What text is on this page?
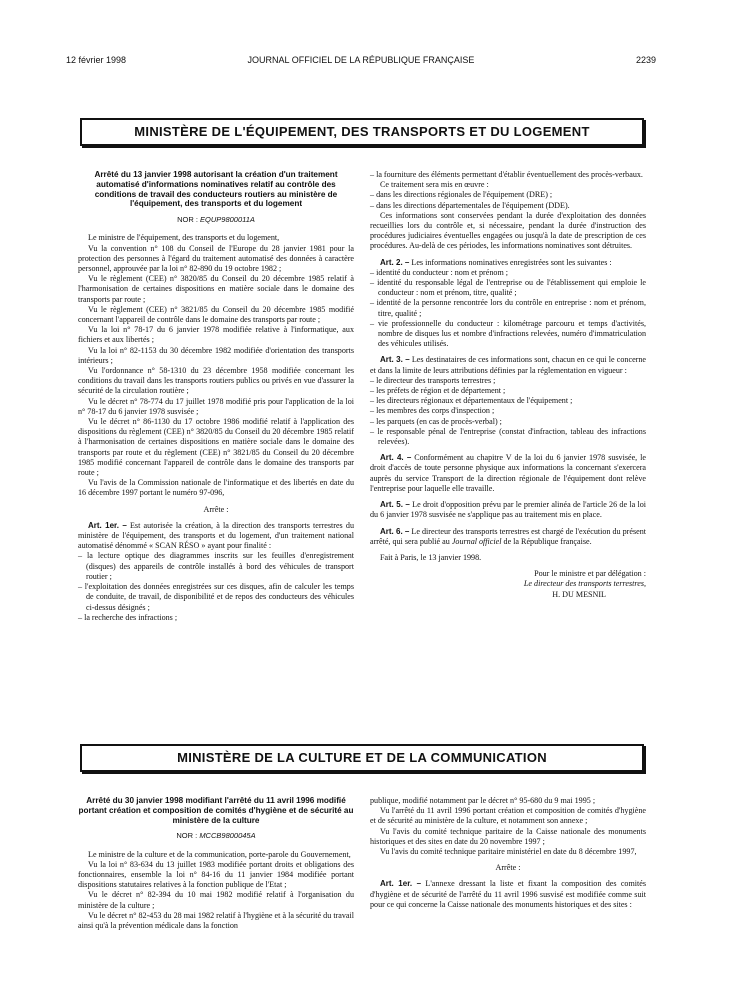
12 février 1998	JOURNAL OFFICIEL DE LA RÉPUBLIQUE FRANÇAISE	2239
MINISTÈRE DE L'ÉQUIPEMENT, DES TRANSPORTS ET DU LOGEMENT
Arrêté du 13 janvier 1998 autorisant la création d'un traitement automatisé d'informations nominatives relatif au contrôle des conditions de travail des conducteurs routiers au ministère de l'équipement, des transports et du logement
NOR : EQUP9800011A

Le ministre de l'équipement, des transports et du logement,

Vu la convention n° 108 du Conseil de l'Europe du 28 janvier 1981 pour la protection des personnes à l'égard du traitement automatisé des données à caractère personnel, approuvée par la loi n° 82-890 du 19 octobre 1982 ;

Vu le règlement (CEE) n° 3820/85 du Conseil du 20 décembre 1985 relatif à l'harmonisation de certaines dispositions en matière sociale dans le domaine des transports par route ;

Vu le règlement (CEE) n° 3821/85 du Conseil du 20 décembre 1985 modifié concernant l'appareil de contrôle dans le domaine des transports par route ;

Vu la loi n° 78-17 du 6 janvier 1978 modifiée relative à l'informatique, aux fichiers et aux libertés ;

Vu la loi n° 82-1153 du 30 décembre 1982 modifiée d'orientation des transports intérieurs ;

Vu l'ordonnance n° 58-1310 du 23 décembre 1958 modifiée concernant les conditions du travail dans les transports routiers publics ou privés en vue d'assurer la sécurité de la circulation routière ;

Vu le décret n° 78-774 du 17 juillet 1978 modifié pris pour l'application de la loi n° 78-17 du 6 janvier 1978 susvisée ;

Vu le décret n° 86-1130 du 17 octobre 1986 modifié relatif à l'application des dispositions du règlement (CEE) n° 3820/85 du Conseil du 20 décembre 1985 relatif à l'harmonisation de certaines dispositions en matière sociale dans le domaine des transports par route et du règlement (CEE) n° 3821/85 du Conseil du 20 décembre 1985 modifié concernant l'appareil de contrôle dans le domaine des transports par route ;

Vu l'avis de la Commission nationale de l'informatique et des libertés en date du 16 décembre 1997 portant le numéro 97-096,

Arrête :

Art. 1er. – Est autorisée la création, à la direction des transports terrestres du ministère de l'équipement, des transports et du logement, d'un traitement national automatisé dénommé « SCAN RÉSO » ayant pour finalité :

– la lecture optique des diagrammes inscrits sur les feuilles d'enregistrement (disques) des appareils de contrôle installés à bord des véhicules de transport routier ;

– l'exploitation des données enregistrées sur ces disques, afin de calculer les temps de conduite, de travail, de disponibilité et de repos des conducteurs des véhicules ci-dessus désignés ;

– la recherche des infractions ;

– la fourniture des éléments permettant d'établir éventuellement des procès-verbaux.

Ce traitement sera mis en œuvre :

– dans les directions régionales de l'équipement (DRE) ;

– dans les directions départementales de l'équipement (DDE).

Ces informations sont conservées pendant la durée d'exploitation des données recueillies lors du contrôle et, si nécessaire, pendant la durée d'instruction des procédures judiciaires éventuelles engagées ou jusqu'à la date de prescription de ces procédures. Au-delà de ces périodes, les informations nominatives sont détruites.

Art. 2. – Les informations nominatives enregistrées sont les suivantes :

– identité du conducteur : nom et prénom ;

– identité du responsable légal de l'entreprise ou de l'établissement qui emploie le conducteur : nom et prénom, titre, qualité ;

– identité de la personne rencontrée lors du contrôle en entreprise : nom et prénom, titre, qualité ;

– vie professionnelle du conducteur : kilométrage parcouru et temps d'activités, nombre de disques lus et nombre d'infractions relevées, numéro d'immatriculation des véhicules utilisés.

Art. 3. – Les destinataires de ces informations sont, chacun en ce qui le concerne et dans la limite de leurs attributions définies par la réglementation en vigueur :

– le directeur des transports terrestres ;

– les préfets de région et de département ;

– les directeurs régionaux et départementaux de l'équipement ;

– les membres des corps d'inspection ;

– les parquets (en cas de procès-verbal) ;

– le responsable pénal de l'entreprise (constat d'infraction, tableau des infractions relevées).

Art. 4. – Conformément au chapitre V de la loi du 6 janvier 1978 susvisée, le droit d'accès de toute personne physique aux informations la concernant s'exercera auprès du service Transport de la direction régionale de l'équipement dont relève l'entreprise pour laquelle elle travaille.

Art. 5. – Le droit d'opposition prévu par le premier alinéa de l'article 26 de la loi du 6 janvier 1978 susvisée ne s'applique pas au traitement mis en place.

Art. 6. – Le directeur des transports terrestres est chargé de l'exécution du présent arrêté, qui sera publié au Journal officiel de la République française.

Fait à Paris, le 13 janvier 1998.

Pour le ministre et par délégation :

Le directeur des transports terrestres,

H. DU MESNIL

MINISTÈRE DE LA CULTURE ET DE LA COMMUNICATION
Arrêté du 30 janvier 1998 modifiant l'arrêté du 11 avril 1996 modifié portant création et composition de comités d'hygiène et de sécurité au ministère de la culture
NOR : MCCB9800045A

Le ministre de la culture et de la communication, porte-parole du Gouvernement,

Vu la loi n° 83-634 du 13 juillet 1983 modifiée portant droits et obligations des fonctionnaires, ensemble la loi n° 84-16 du 11 janvier 1984 modifiée portant dispositions statutaires relatives à la fonction publique de l'Etat ;

Vu le décret n° 82-394 du 10 mai 1982 modifié relatif à l'organisation du ministère de la culture ;

Vu le décret n° 82-453 du 28 mai 1982 relatif à l'hygiène et à la sécurité du travail ainsi qu'à la prévention médicale dans la fonction

publique, modifié notamment par le décret n° 95-680 du 9 mai 1995 ;

Vu l'arrêté du 11 avril 1996 portant création et composition de comités d'hygiène et de sécurité au ministère de la culture, et notamment son annexe ;

Vu l'avis du comité technique paritaire de la Caisse nationale des monuments historiques et des sites en date du 20 novembre 1997 ;

Vu l'avis du comité technique paritaire ministériel en date du 8 décembre 1997,

Arrête :

Art. 1er. – L'annexe dressant la liste et fixant la composition des comités d'hygiène et de sécurité de l'arrêté du 11 avril 1996 susvisé est modifiée comme suit pour ce qui concerne la Caisse nationale des monuments historiques et des sites :
